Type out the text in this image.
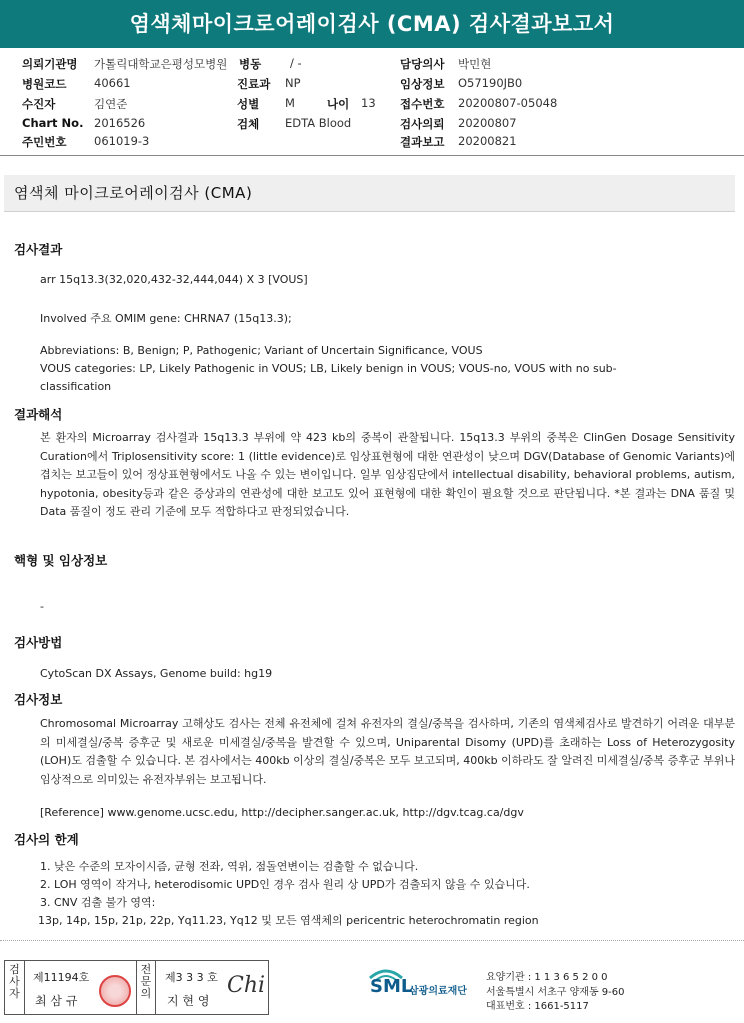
염색체마이크로어레이검사 (CMA) 검사결과보고서
의뢰기관명 가톨릭대학교은평성모병원 병동	/ -	담당의사 박민현
병원코드 40661	진료과 NP	임상정보 O57190JB0
수진자	김연준	성별 M	나이 13 접수번호 20200807-05048
Chart No. 2016526	검체 EDTA Blood	검사의뢰 20200807
주민번호 061019-3	결과보고 20200821
염색체 마이크로어레이검사 (CMA)
검사결과
arr 15q13.3(32,020,432-32,444,044) X 3 [VOUS]
Involved 주요 OMIM gene: CHRNA7 (15q13.3);
Abbreviations: B, Benign; P, Pathogenic; Variant of Uncertain Significance, VOUS
VOUS categories: LP, Likely Pathogenic in VOUS; LB, Likely benign in VOUS; VOUS-no, VOUS with no sub-
classification
결과해석
본 환자의 Microarray 검사결과 15q13.3 부위에 약 423 kb의 중복이 관찰됩니다. 15q13.3 부위의 중복은 ClinGen Dosage Sensitivity Curation에서 Triplosensitivity score: 1 (little evidence)로 임상표현형에 대한 연관성이 낮으며 DGV(Database of Genomic Variants)에 겹치는 보고들이 있어 정상표현형에서도 나올 수 있는 변이입니다. 일부 임상집단에서 intellectual disability, behavioral problems, autism, hypotonia, obesity등과 같은 증상과의 연관성에 대한 보고도 있어 표현형에 대한 확인이 필요할 것으로 판단됩니다. *본 결과는 DNA 품질 및 Data 품질이 정도 관리 기준에 모두 적합하다고 판정되었습니다.
핵형 및 임상정보
-
검사방법
CytoScan DX Assays, Genome build: hg19
검사정보
Chromosomal Microarray 고해상도 검사는 전체 유전체에 걸쳐 유전자의 결실/중복을 검사하며, 기존의 염색체검사로 발견하기 어려운 대부분의 미세결실/중복 증후군 및 새로운 미세결실/중복을 발견할 수 있으며, Uniparental Disomy (UPD)를 초래하는 Loss of Heterozygosity (LOH)도 검출할 수 있습니다. 본 검사에서는 400kb 이상의 결실/중복은 모두 보고되며, 400kb 이하라도 잘 알려진 미세결실/중복 증후군 부위나 임상적으로 의미있는 유전자부위는 보고됩니다.
[Reference] www.genome.ucsc.edu, http://decipher.sanger.ac.uk, http://dgv.tcag.ca/dgv
검사의 한계
1. 낮은 수준의 모자이시즘, 균형 전좌, 역위, 점돌연변이는 검출할 수 없습니다.
2. LOH 영역이 작거나, heterodisomic UPD인 경우 검사 원리 상 UPD가 검출되지 않을 수 있습니다.
3. CNV 검출 불가 영역:
13p, 14p, 15p, 21p, 22p, Yq11.23, Yq12 및 모든 염색체의 pericentric heterochromatin region
검사자
제11194호
최 삼 규
전문의
제3 3 3 호
지 현 영
Chi	SML
삼광의료재단
요양기관 : 1 1 3 6 5 2 0 0
서울특별시 서초구 양재동 9-60
대표번호 : 1661-5117
